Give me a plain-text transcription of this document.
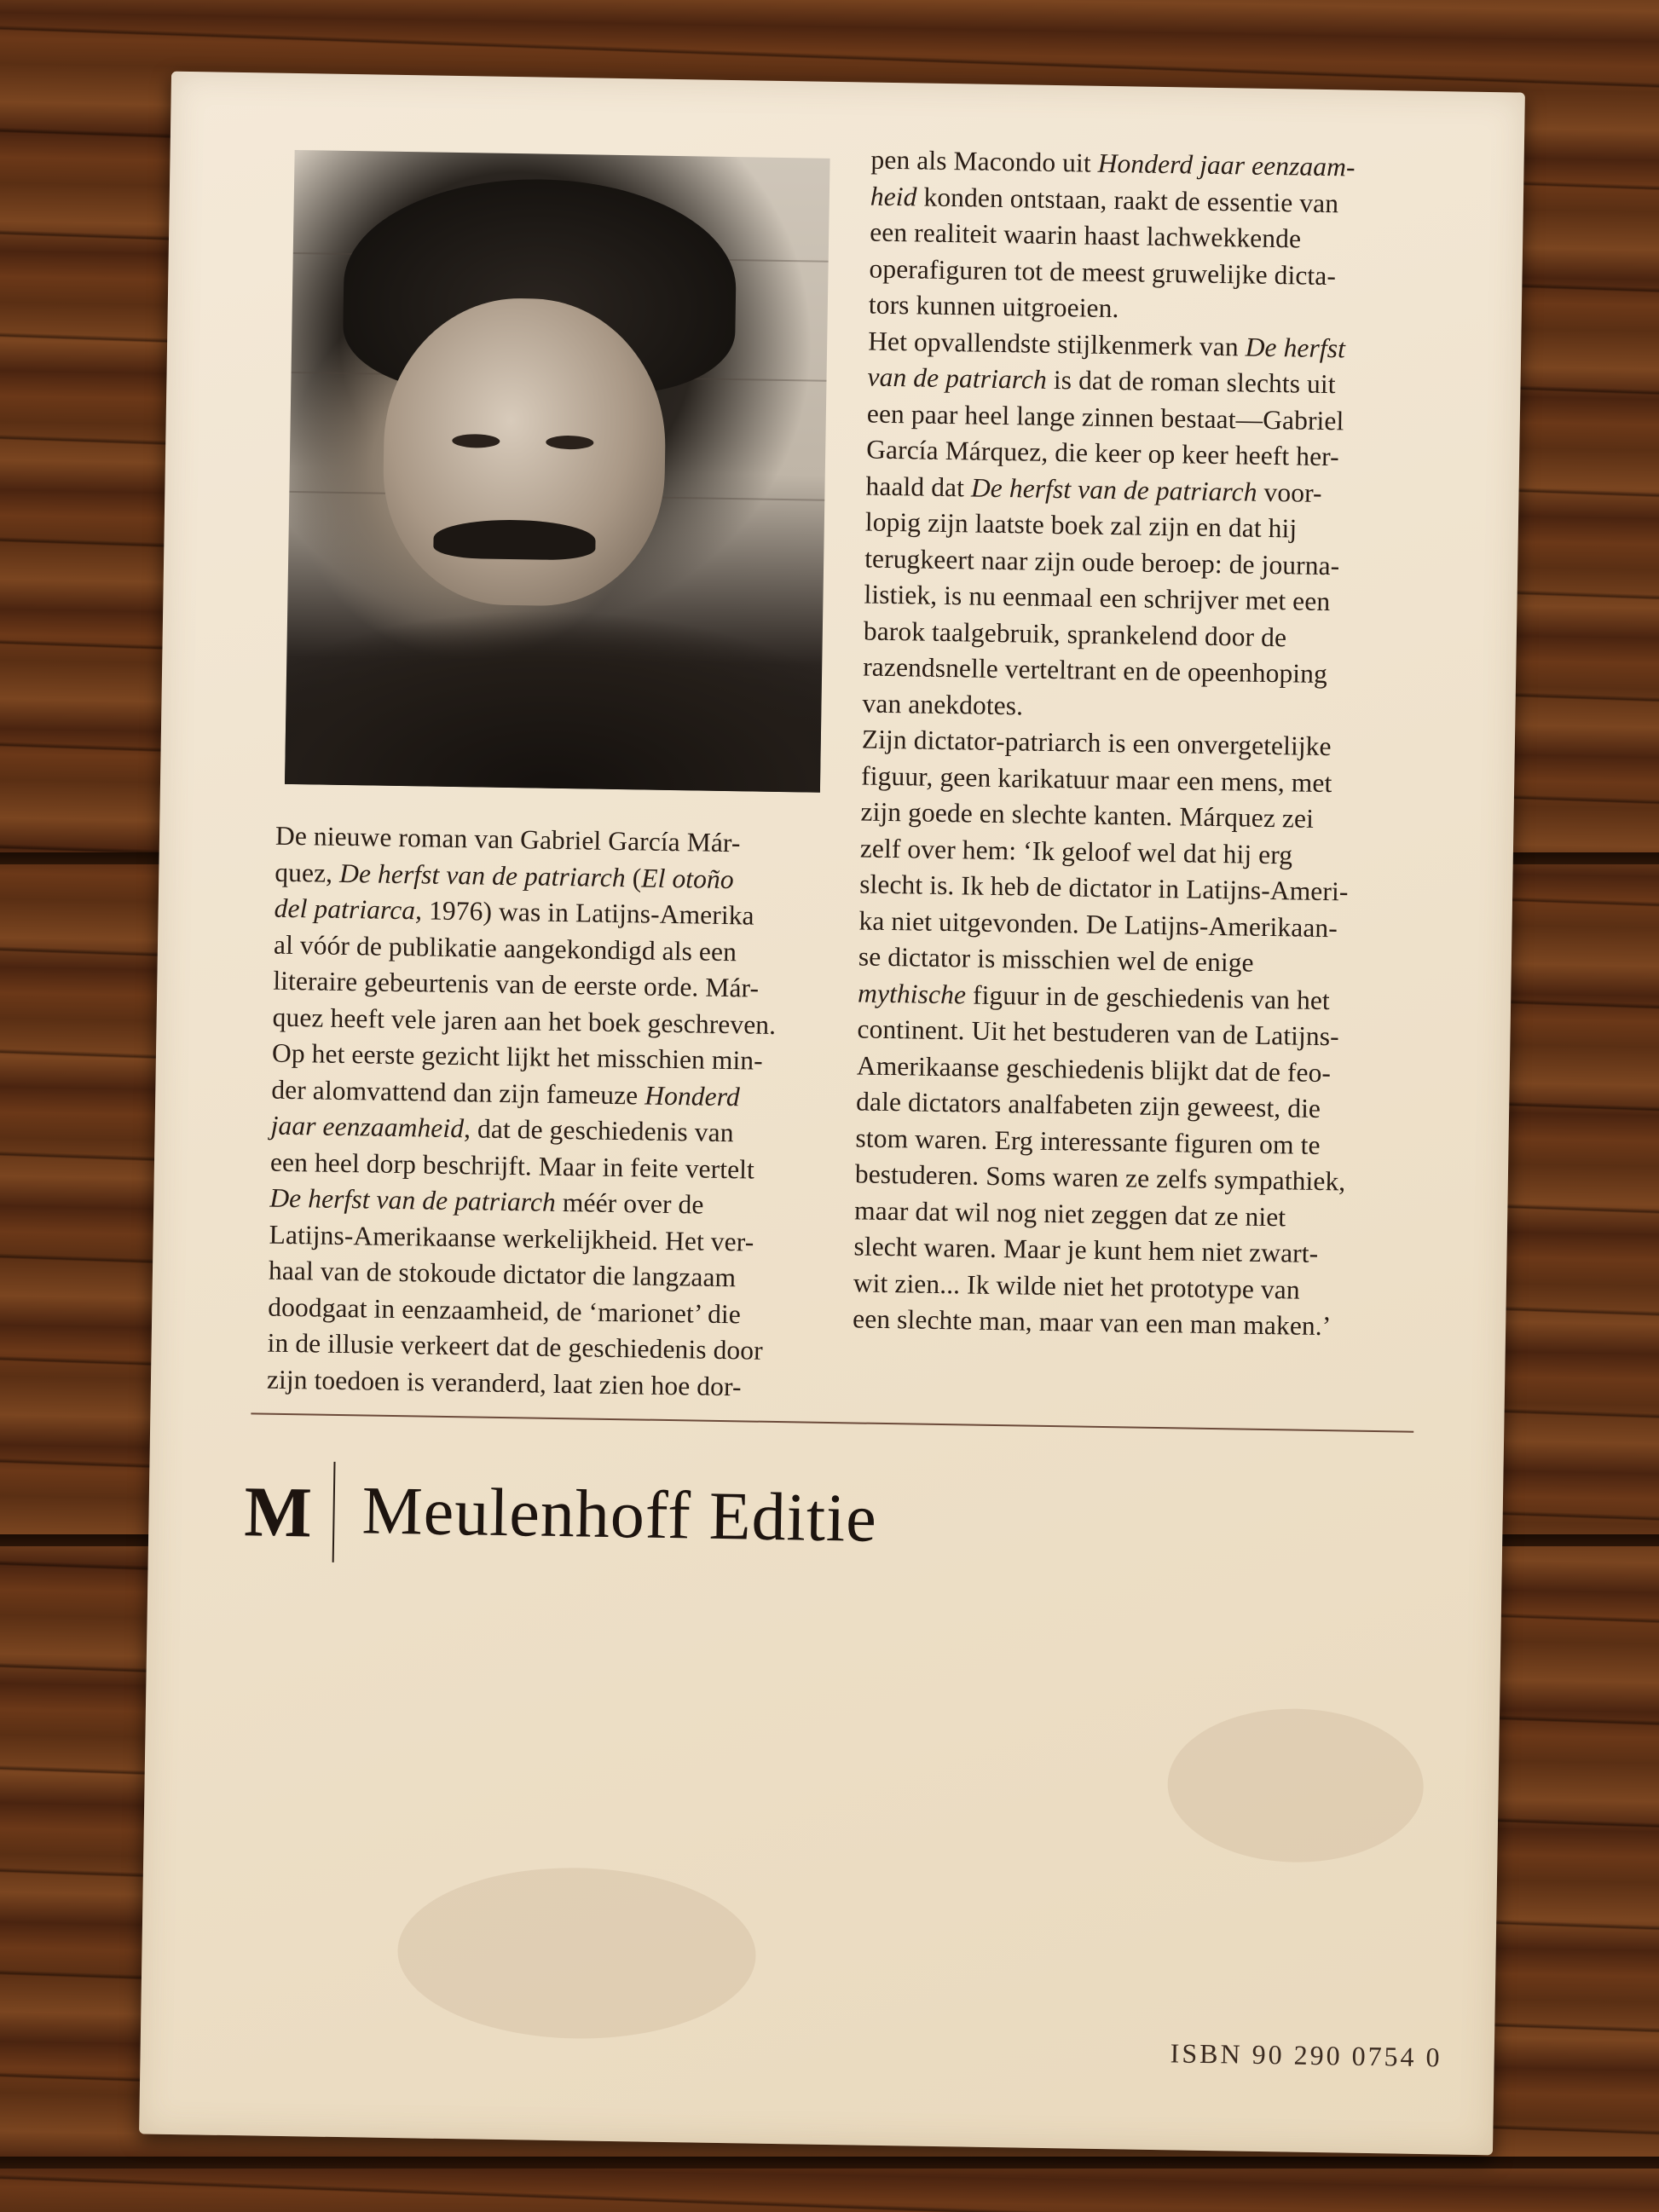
De nieuwe roman van Gabriel García Már-
quez, De herfst van de patriarch (El otoño
del patriarca, 1976) was in Latijns-Amerika
al vóór de publikatie aangekondigd als een
literaire gebeurtenis van de eerste orde. Már-
quez heeft vele jaren aan het boek geschreven.
Op het eerste gezicht lijkt het misschien min-
der alomvattend dan zijn fameuze Honderd
jaar eenzaamheid, dat de geschiedenis van
een heel dorp beschrijft. Maar in feite vertelt
De herfst van de patriarch méér over de
Latijns-Amerikaanse werkelijkheid. Het ver-
haal van de stokoude dictator die langzaam
doodgaat in eenzaamheid, de ‘marionet’ die
in de illusie verkeert dat de geschiedenis door
zijn toedoen is veranderd, laat zien hoe dor-
pen als Macondo uit Honderd jaar eenzaam-
heid konden ontstaan, raakt de essentie van
een realiteit waarin haast lachwekkende
operafiguren tot de meest gruwelijke dicta-
tors kunnen uitgroeien.
Het opvallendste stijlkenmerk van De herfst
van de patriarch is dat de roman slechts uit
een paar heel lange zinnen bestaat—Gabriel
García Márquez, die keer op keer heeft her-
haald dat De herfst van de patriarch voor-
lopig zijn laatste boek zal zijn en dat hij
terugkeert naar zijn oude beroep: de journa-
listiek, is nu eenmaal een schrijver met een
barok taalgebruik, sprankelend door de
razendsnelle verteltrant en de opeenhoping
van anekdotes.
Zijn dictator-patriarch is een onvergetelijke
figuur, geen karikatuur maar een mens, met
zijn goede en slechte kanten. Márquez zei
zelf over hem: ‘Ik geloof wel dat hij erg
slecht is. Ik heb de dictator in Latijns-Ameri-
ka niet uitgevonden. De Latijns-Amerikaan-
se dictator is misschien wel de enige
mythische figuur in de geschiedenis van het
continent. Uit het bestuderen van de Latijns-
Amerikaanse geschiedenis blijkt dat de feo-
dale dictators analfabeten zijn geweest, die
stom waren. Erg interessante figuren om te
bestuderen. Soms waren ze zelfs sympathiek,
maar dat wil nog niet zeggen dat ze niet
slecht waren. Maar je kunt hem niet zwart-
wit zien... Ik wilde niet het prototype van
een slechte man, maar van een man maken.’
M Meulenhoff Editie
ISBN 90 290 0754 0
